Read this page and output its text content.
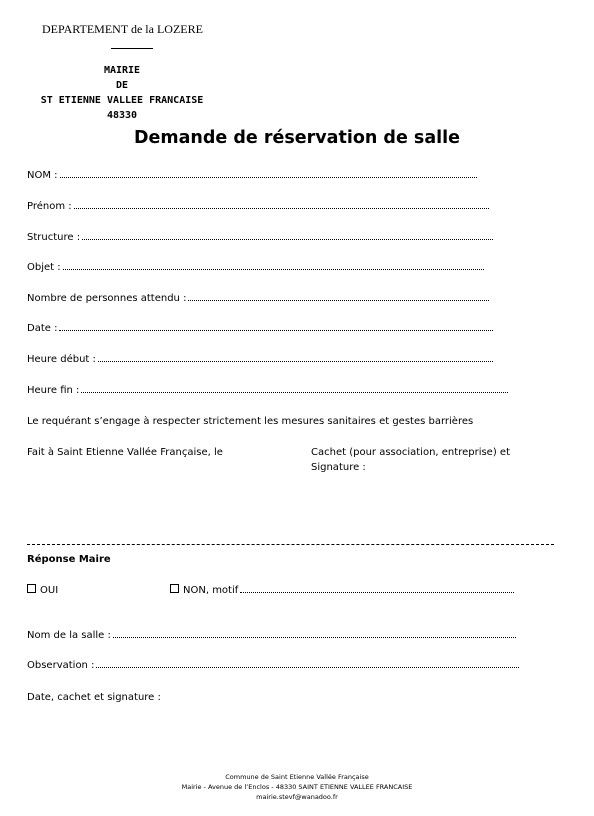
DEPARTEMENT de la LOZERE
MAIRIE
DE
ST ETIENNE VALLEE FRANCAISE
48330
Demande de réservation de salle
NOM :
Prénom :
Structure :
Objet :
Nombre de personnes attendu :
Date :
Heure début :
Heure fin :
Le requérant s’engage à respecter strictement les mesures sanitaires et gestes barrières
Fait à Saint Etienne Vallée Française, le	Cachet (pour association, entreprise) et
Signature :
Réponse Maire
OUI	NON, motif
Nom de la salle :
Observation :
Date, cachet et signature :
Commune de Saint Etienne Vallée Française
Mairie - Avenue de l’Enclos - 48330 SAINT ETIENNE VALLEE FRANCAISE
mairie.stevf@wanadoo.fr
